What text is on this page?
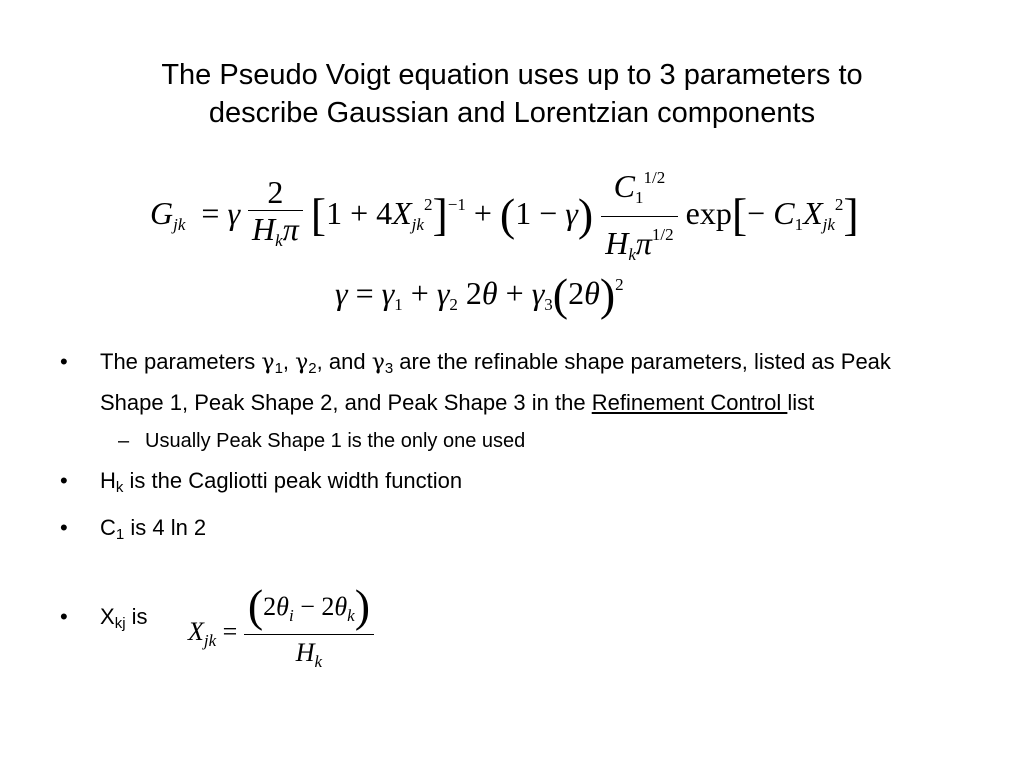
The Pseudo Voigt equation uses up to 3 parameters to
describe Gaussian and Lorentzian components
$G_{jk} = \gamma \frac{2}{H_k\pi} [1 + 4X_{jk}^2]^{-1} + (1 - \gamma) \frac{C_1^{1/2}}{H_k\pi^{1/2}} \exp[- C_1X_{jk}^2]$
$\gamma = \gamma_1 + \gamma_2$ $2\theta + \gamma_3(2\theta)^2$
• The parameters γ1, γ2, and γ3 are the refinable shape parameters, listed as Peak Shape 1, Peak Shape 2, and Peak Shape 3 in the Refinement Control list
– Usually Peak Shape 1 is the only one used
• Hk is the Cagliotti peak width function
• C1 is 4 ln 2
• Xkj is
$X_{jk} = \frac{(2\theta_i - 2\theta_k)}{H_k}$
